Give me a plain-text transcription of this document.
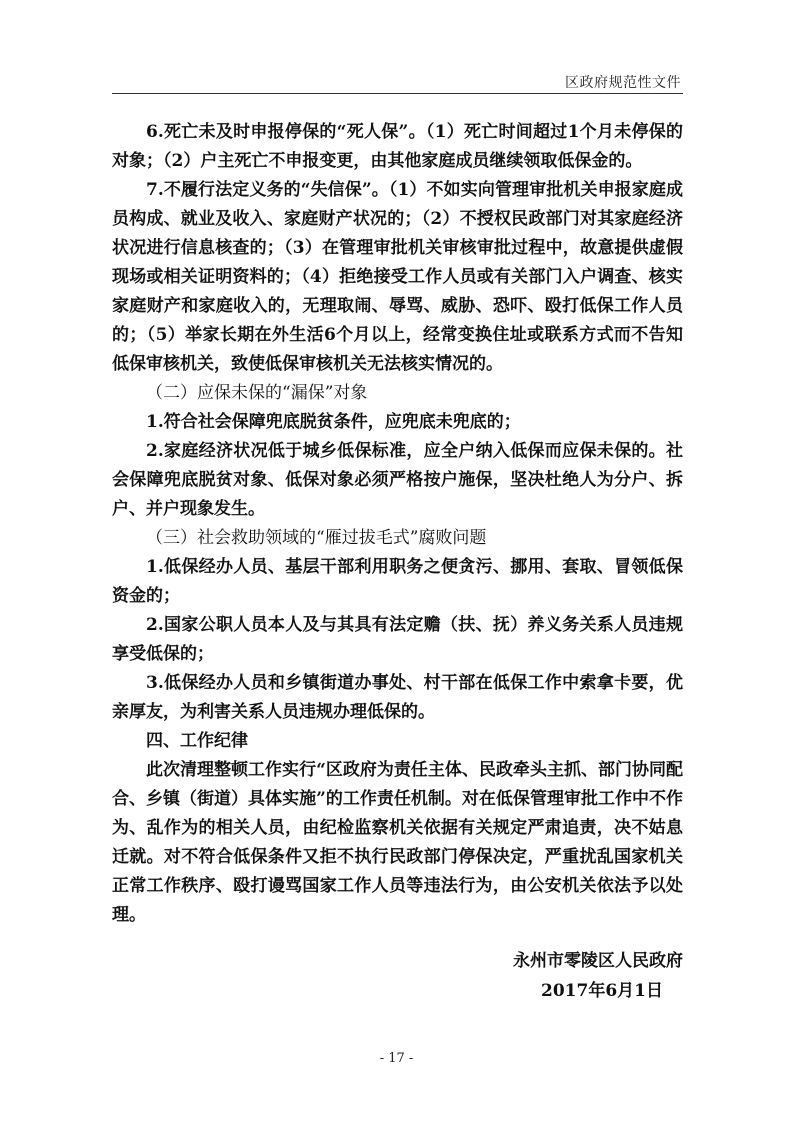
区政府规范性文件

6.死亡未及时申报停保的“死人保”。（1）死亡时间超过1个月未停保的对象；（2）户主死亡不申报变更，由其他家庭成员继续领取低保金的。

7.不履行法定义务的“失信保”。（1）不如实向管理审批机关申报家庭成员构成、就业及收入、家庭财产状况的；（2）不授权民政部门对其家庭经济状况进行信息核查的；（3）在管理审批机关审核审批过程中，故意提供虚假现场或相关证明资料的；（4）拒绝接受工作人员或有关部门入户调查、核实家庭财产和家庭收入的，无理取闹、辱骂、威胁、恐吓、殴打低保工作人员的；（5）举家长期在外生活6个月以上，经常变换住址或联系方式而不告知低保审核机关，致使低保审核机关无法核实情况的。

（二）应保未保的“漏保”对象

1.符合社会保障兜底脱贫条件，应兜底未兜底的；

2.家庭经济状况低于城乡低保标准，应全户纳入低保而应保未保的。社会保障兜底脱贫对象、低保对象必须严格按户施保，坚决杜绝人为分户、拆户、并户现象发生。

（三）社会救助领域的“雁过拔毛式”腐败问题

1.低保经办人员、基层干部利用职务之便贪污、挪用、套取、冒领低保资金的；

2.国家公职人员本人及与其具有法定赡（扶、抚）养义务关系人员违规享受低保的；

3.低保经办人员和乡镇街道办事处、村干部在低保工作中索拿卡要，优亲厚友，为利害关系人员违规办理低保的。

四、工作纪律

此次清理整顿工作实行“区政府为责任主体、民政牵头主抓、部门协同配合、乡镇（街道）具体实施”的工作责任机制。对在低保管理审批工作中不作为、乱作为的相关人员，由纪检监察机关依据有关规定严肃追责，决不姑息迁就。对不符合低保条件又拒不执行民政部门停保决定，严重扰乱国家机关正常工作秩序、殴打谩骂国家工作人员等违法行为，由公安机关依法予以处理。

永州市零陵区人民政府
2017年6月1日
- 17 -
